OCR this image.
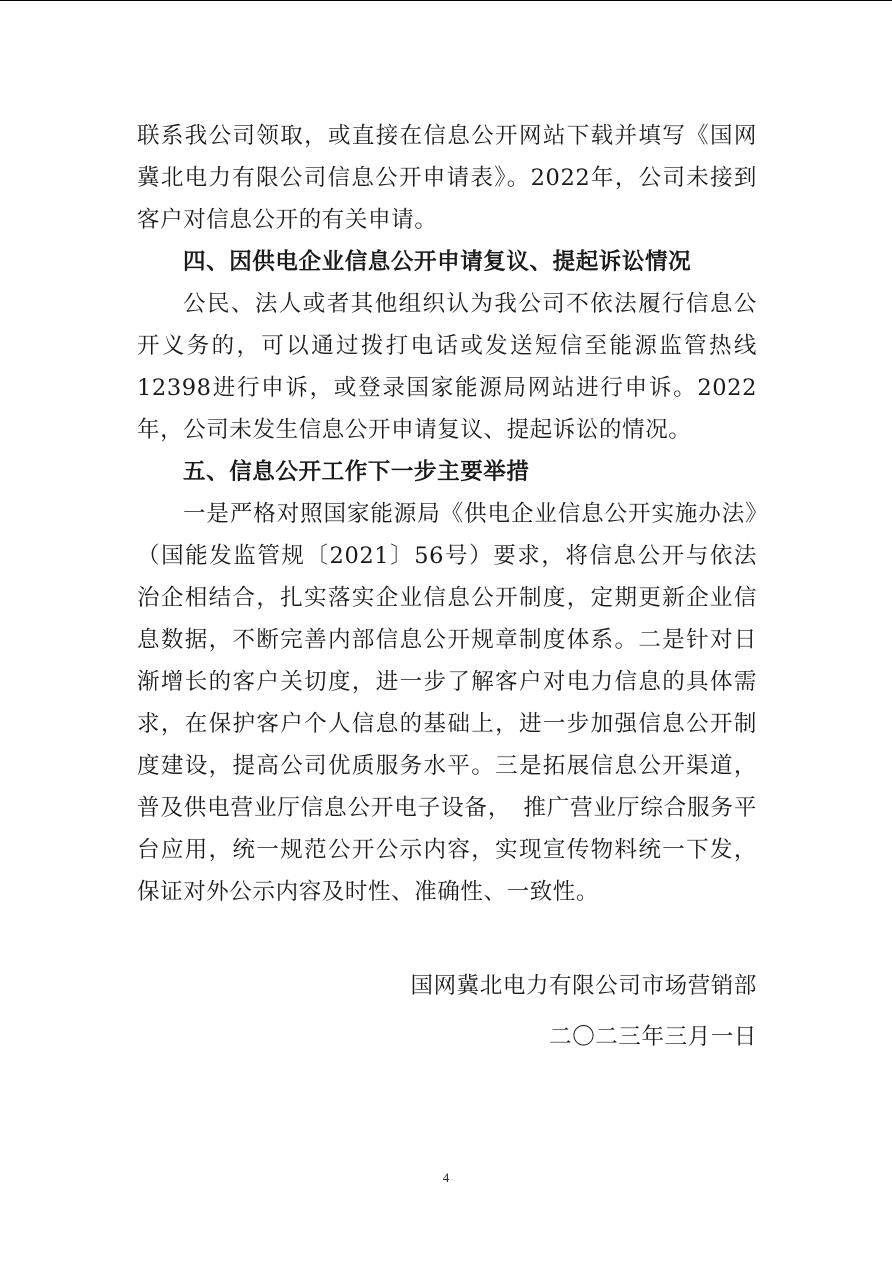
联系我公司领取，或直接在信息公开网站下载并填写《国网冀北电力有限公司信息公开申请表》。2022年，公司未接到客户对信息公开的有关申请。

四、因供电企业信息公开申请复议、提起诉讼情况

公民、法人或者其他组织认为我公司不依法履行信息公开义务的，可以通过拨打电话或发送短信至能源监管热线12398进行申诉，或登录国家能源局网站进行申诉。2022年，公司未发生信息公开申请复议、提起诉讼的情况。

五、信息公开工作下一步主要举措

一是严格对照国家能源局《供电企业信息公开实施办法》（国能发监管规〔2021〕56号）要求，将信息公开与依法治企相结合，扎实落实企业信息公开制度，定期更新企业信息数据，不断完善内部信息公开规章制度体系。二是针对日渐增长的客户关切度，进一步了解客户对电力信息的具体需求，在保护客户个人信息的基础上，进一步加强信息公开制度建设，提高公司优质服务水平。三是拓展信息公开渠道，普及供电营业厅信息公开电子设备，　推广营业厅综合服务平台应用，统一规范公开公示内容，实现宣传物料统一下发，保证对外公示内容及时性、准确性、一致性。

国网冀北电力有限公司市场营销部

二〇二三年三月一日

4
